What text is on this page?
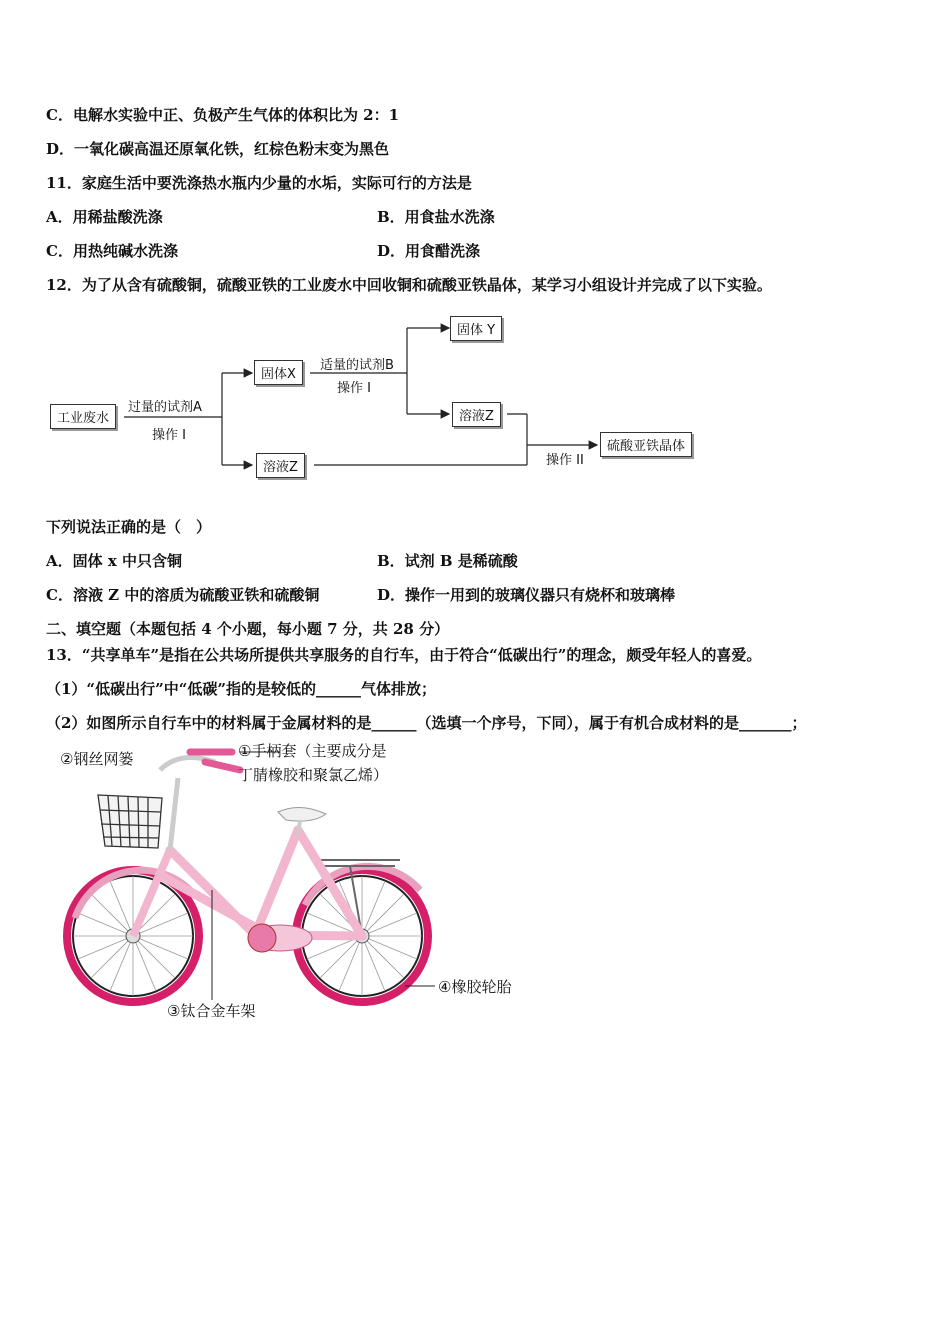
C．电解水实验中正、负极产生气体的体积比为 2：1
D．一氧化碳高温还原氧化铁，红棕色粉末变为黑色
11．家庭生活中要洗涤热水瓶内少量的水垢，实际可行的方法是
A．用稀盐酸洗涤	B．用食盐水洗涤
C．用热纯碱水洗涤	D．用食醋洗涤
12．为了从含有硫酸铜，硫酸亚铁的工业废水中回收铜和硫酸亚铁晶体，某学习小组设计并完成了以下实验。
工业废水
过量的试剂A
操作 I
固体X
溶液Z
适量的试剂B
操作 I
固体 Y
溶液Z
操作 II
硫酸亚铁晶体
下列说法正确的是（　）
A．固体 x 中只含铜	B．试剂 B 是稀硫酸
C．溶液 Z 中的溶质为硫酸亚铁和硫酸铜	D．操作一用到的玻璃仪器只有烧杯和玻璃棒
二、填空题（本题包括 4 个小题，每小题 7 分，共 28 分）
13．“共享单车”是指在公共场所提供共享服务的自行车，由于符合“低碳出行”的理念，颇受年轻人的喜爱。
（1）“低碳出行”中“低碳”指的是较低的______气体排放；
（2）如图所示自行车中的材料属于金属材料的是______（选填一个序号，下同），属于有机合成材料的是_______；
②钢丝网篓	①手柄套（主要成分是
丁腈橡胶和聚氯乙烯）
③钛合金车架
④橡胶轮胎
